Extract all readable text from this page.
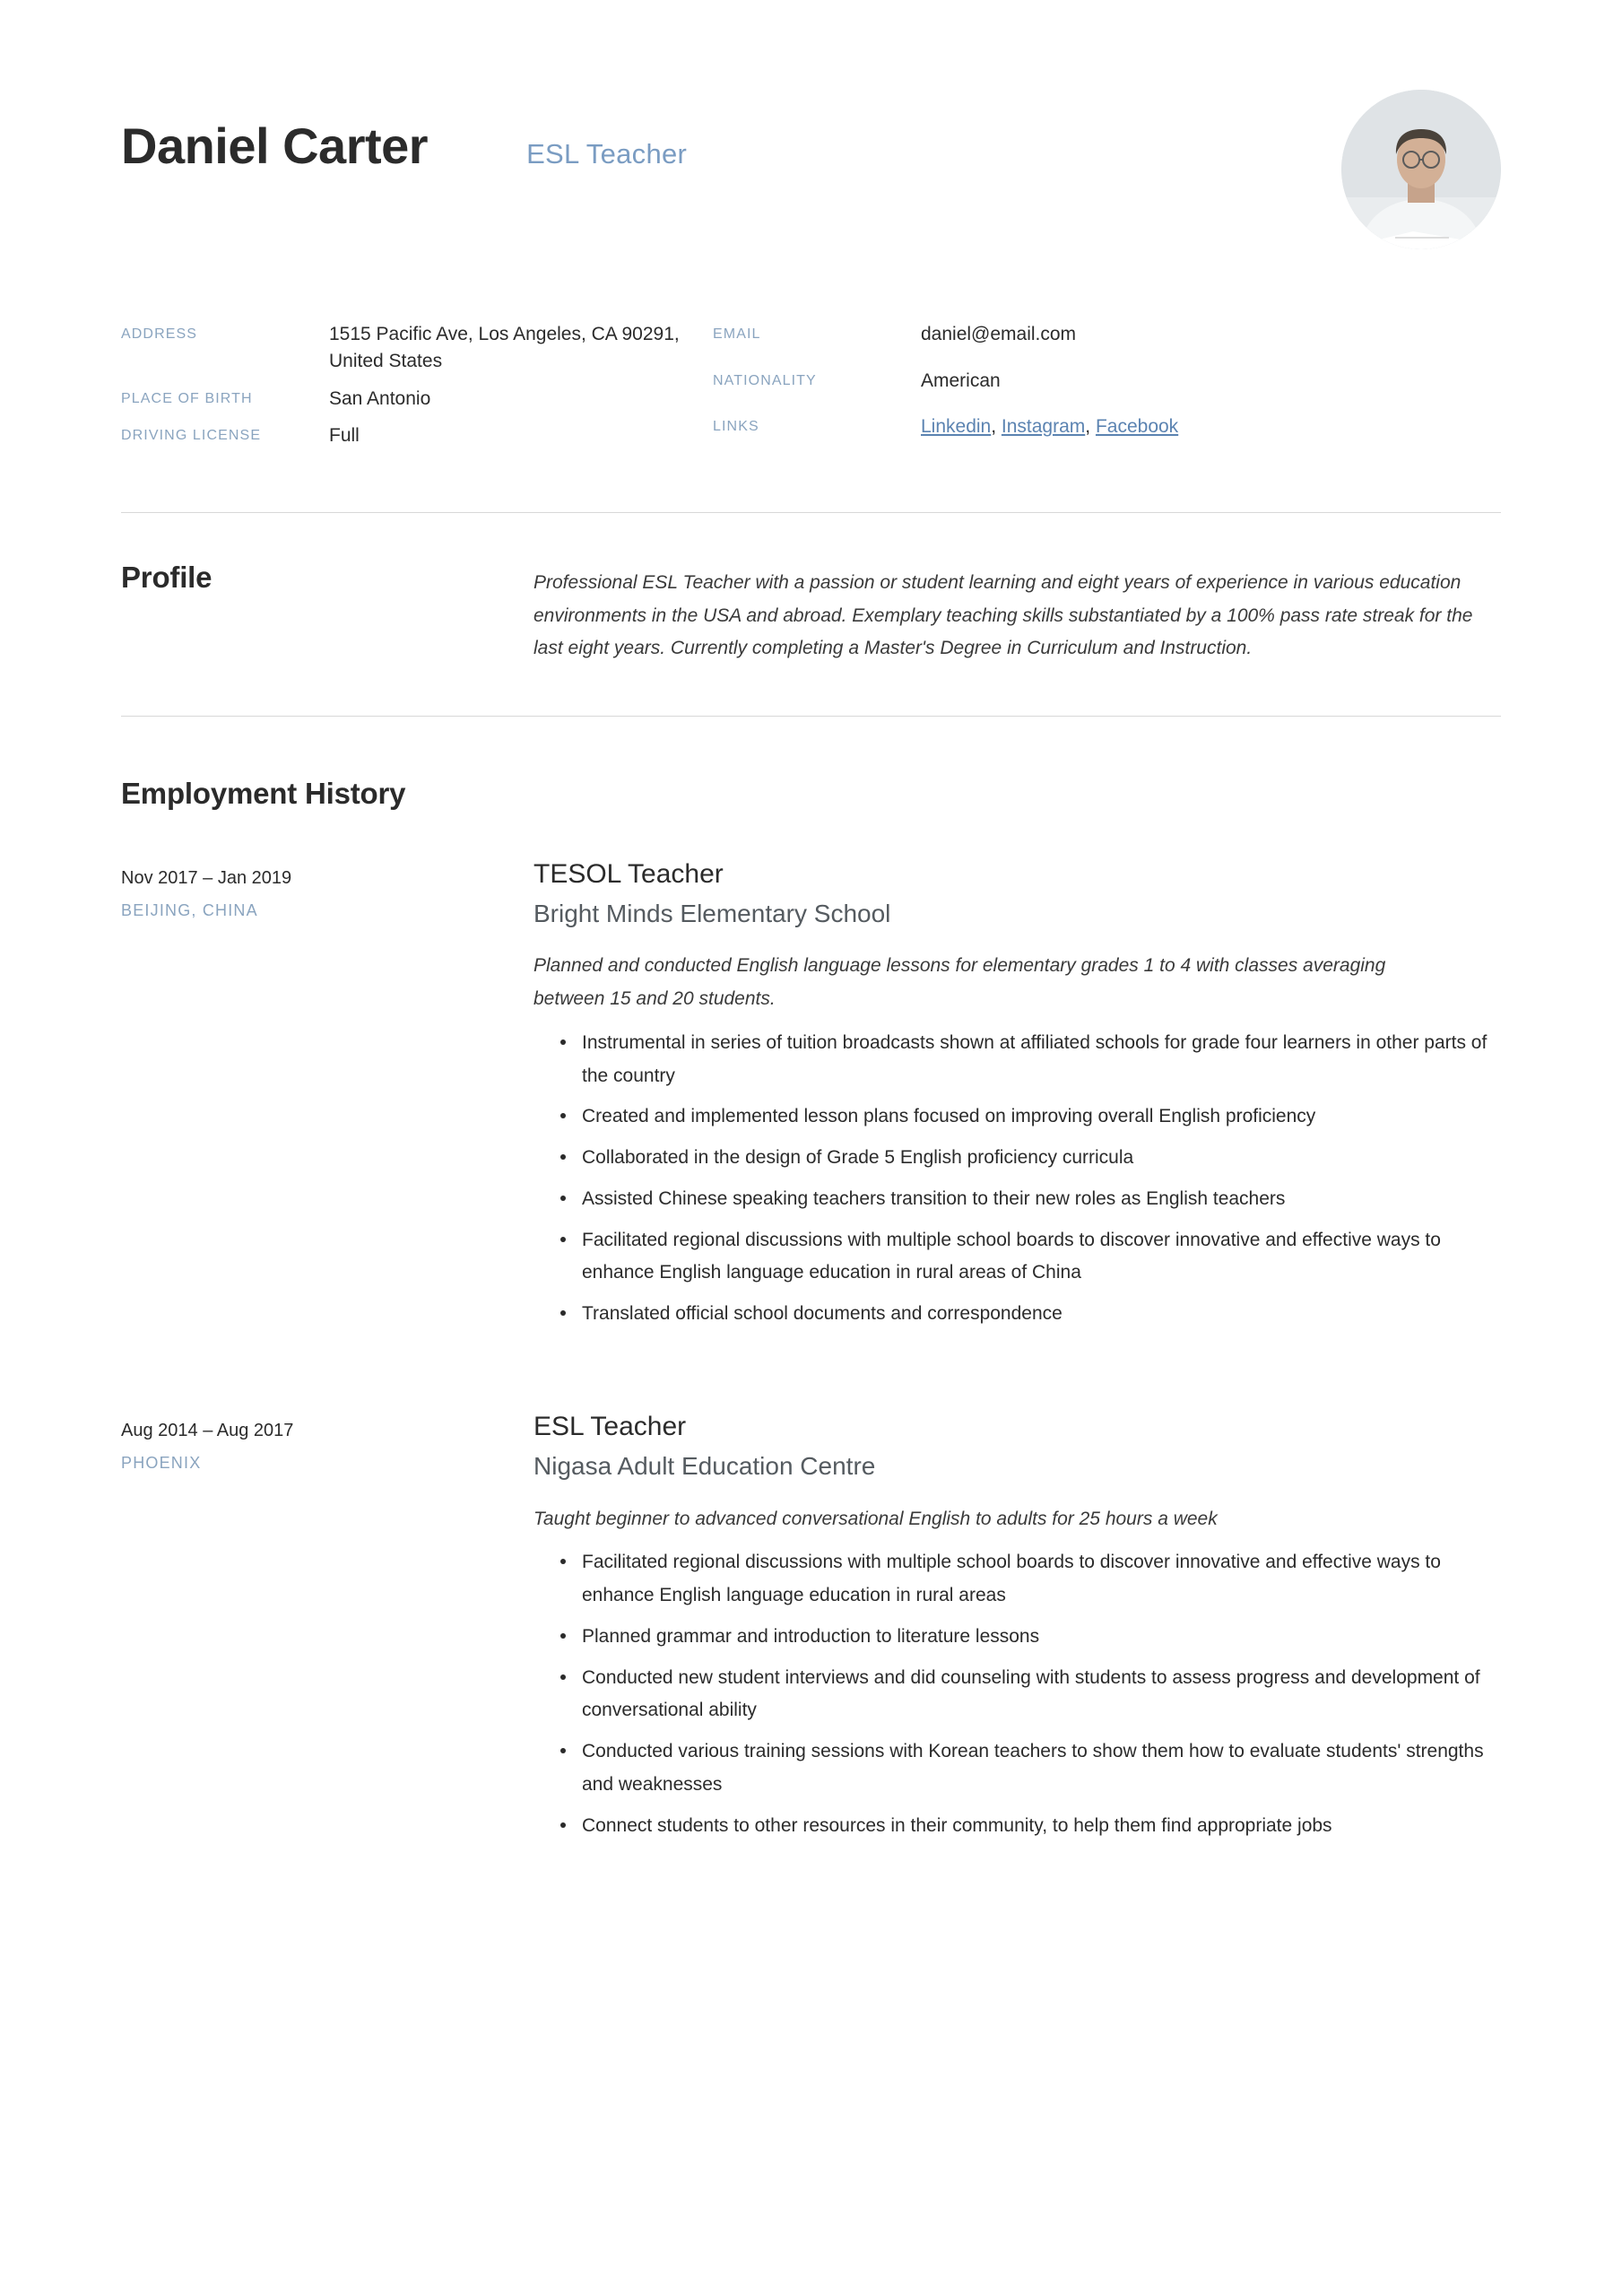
Daniel Carter	ESL Teacher
ADDRESS	1515 Pacific Ave, Los Angeles, CA 90291, United States
PLACE OF BIRTH	San Antonio
DRIVING LICENSE	Full
EMAIL	daniel@email.com
NATIONALITY	American
LINKS	Linkedin, Instagram, Facebook
Profile	Professional ESL Teacher with a passion or student learning and eight years of experience in various education environments in the USA and abroad. Exemplary teaching skills substantiated by a 100% pass rate streak for the last eight years. Currently completing a Master's Degree in Curriculum and Instruction.

Employment History
Nov 2017 – Jan 2019
BEIJING, CHINA
TESOL Teacher
Bright Minds Elementary School
Planned and conducted English language lessons for elementary grades 1 to 4 with classes averaging between 15 and 20 students.
Instrumental in series of tuition broadcasts shown at affiliated schools for grade four learners in other parts of the country
Created and implemented lesson plans focused on improving overall English proficiency
Collaborated in the design of Grade 5 English proficiency curricula
Assisted Chinese speaking teachers transition to their new roles as English teachers
Facilitated regional discussions with multiple school boards to discover innovative and effective ways to enhance English language education in rural areas of China
Translated official school documents and correspondence
Aug 2014 – Aug 2017
PHOENIX
ESL Teacher
Nigasa Adult Education Centre
Taught beginner to advanced conversational English to adults for 25 hours a week
Facilitated regional discussions with multiple school boards to discover innovative and effective ways to enhance English language education in rural areas
Planned grammar and introduction to literature lessons
Conducted new student interviews and did counseling with students to assess progress and development of conversational ability
Conducted various training sessions with Korean teachers to show them how to evaluate students' strengths and weaknesses
Connect students to other resources in their community, to help them find appropriate jobs
